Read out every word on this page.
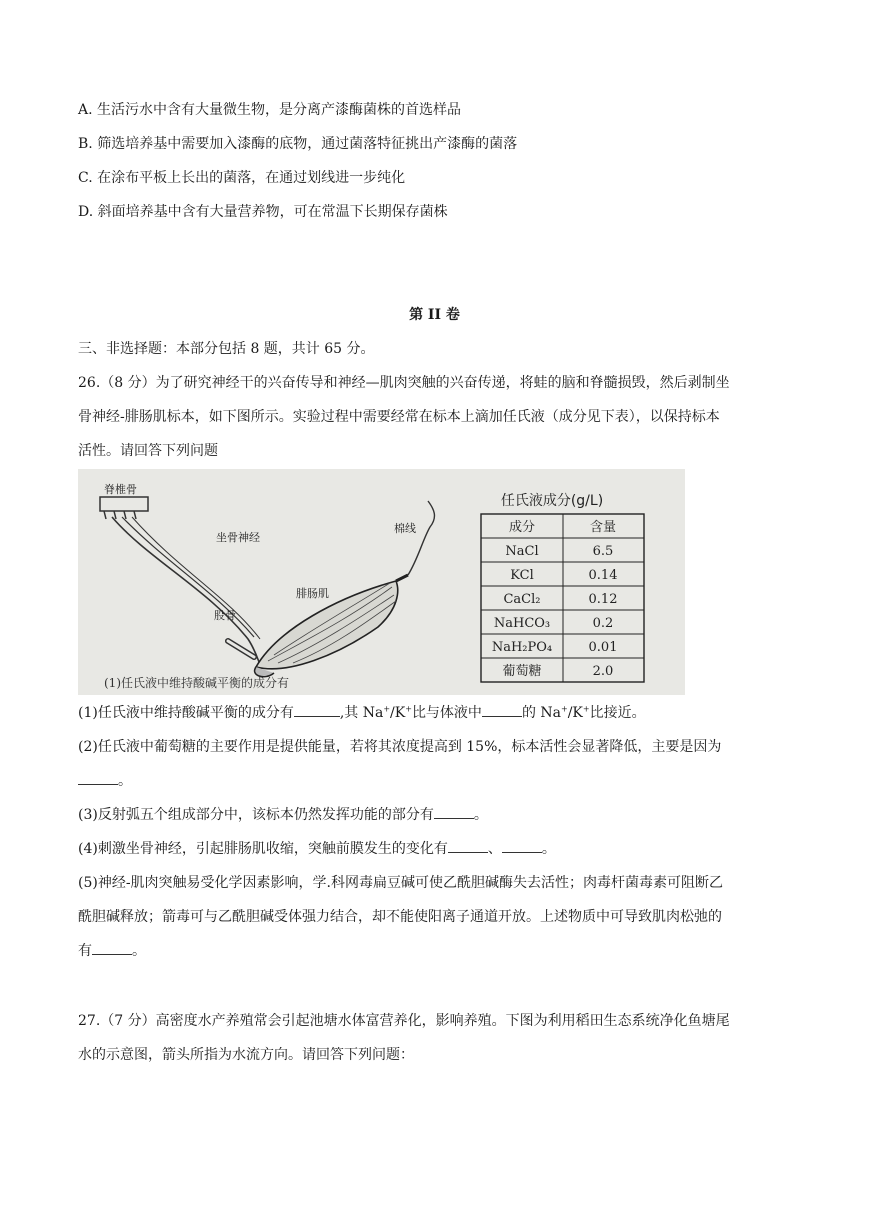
A. 生活污水中含有大量微生物，是分离产漆酶菌株的首选样品
B. 筛选培养基中需要加入漆酶的底物，通过菌落特征挑出产漆酶的菌落
C. 在涂布平板上长出的菌落，在通过划线进一步纯化
D. 斜面培养基中含有大量营养物，可在常温下长期保存菌株
第 II 卷
三、非选择题：本部分包括 8 题，共计 65 分。
26.（8 分）为了研究神经干的兴奋传导和神经—肌肉突触的兴奋传递，将蛙的脑和脊髓损毁，然后剥制坐
骨神经-腓肠肌标本，如下图所示。实验过程中需要经常在标本上滴加任氏液（成分见下表），以保持标本
活性。请回答下列问题
脊椎骨
坐骨神经
棉线
腓肠肌
股骨
(1)任氏液中维持酸碱平衡的成分有
任氏液成分(g/L)
成分	含量
NaCl	6.5
KCl	0.14
CaCl₂	0.12
NaHCO₃	0.2
NaH₂PO₄	0.01
葡萄糖	2.0
(1)任氏液中维持酸碱平衡的成分有	,其 Na+/K+比与体液中	的 Na+/K+比接近。
(2)任氏液中葡萄糖的主要作用是提供能量，若将其浓度提高到 15%，标本活性会显著降低，主要是因为
。
(3)反射弧五个组成部分中，该标本仍然发挥功能的部分有	。
(4)刺激坐骨神经，引起腓肠肌收缩，突触前膜发生的变化有	、	。
(5)神经-肌肉突触易受化学因素影响，学.科网毒扁豆碱可使乙酰胆碱酶失去活性；肉毒杆菌毒素可阻断乙
酰胆碱释放；箭毒可与乙酰胆碱受体强力结合，却不能使阳离子通道开放。上述物质中可导致肌肉松弛的
有	。
27.（7 分）高密度水产养殖常会引起池塘水体富营养化，影响养殖。下图为利用稻田生态系统净化鱼塘尾
水的示意图，箭头所指为水流方向。请回答下列问题：
